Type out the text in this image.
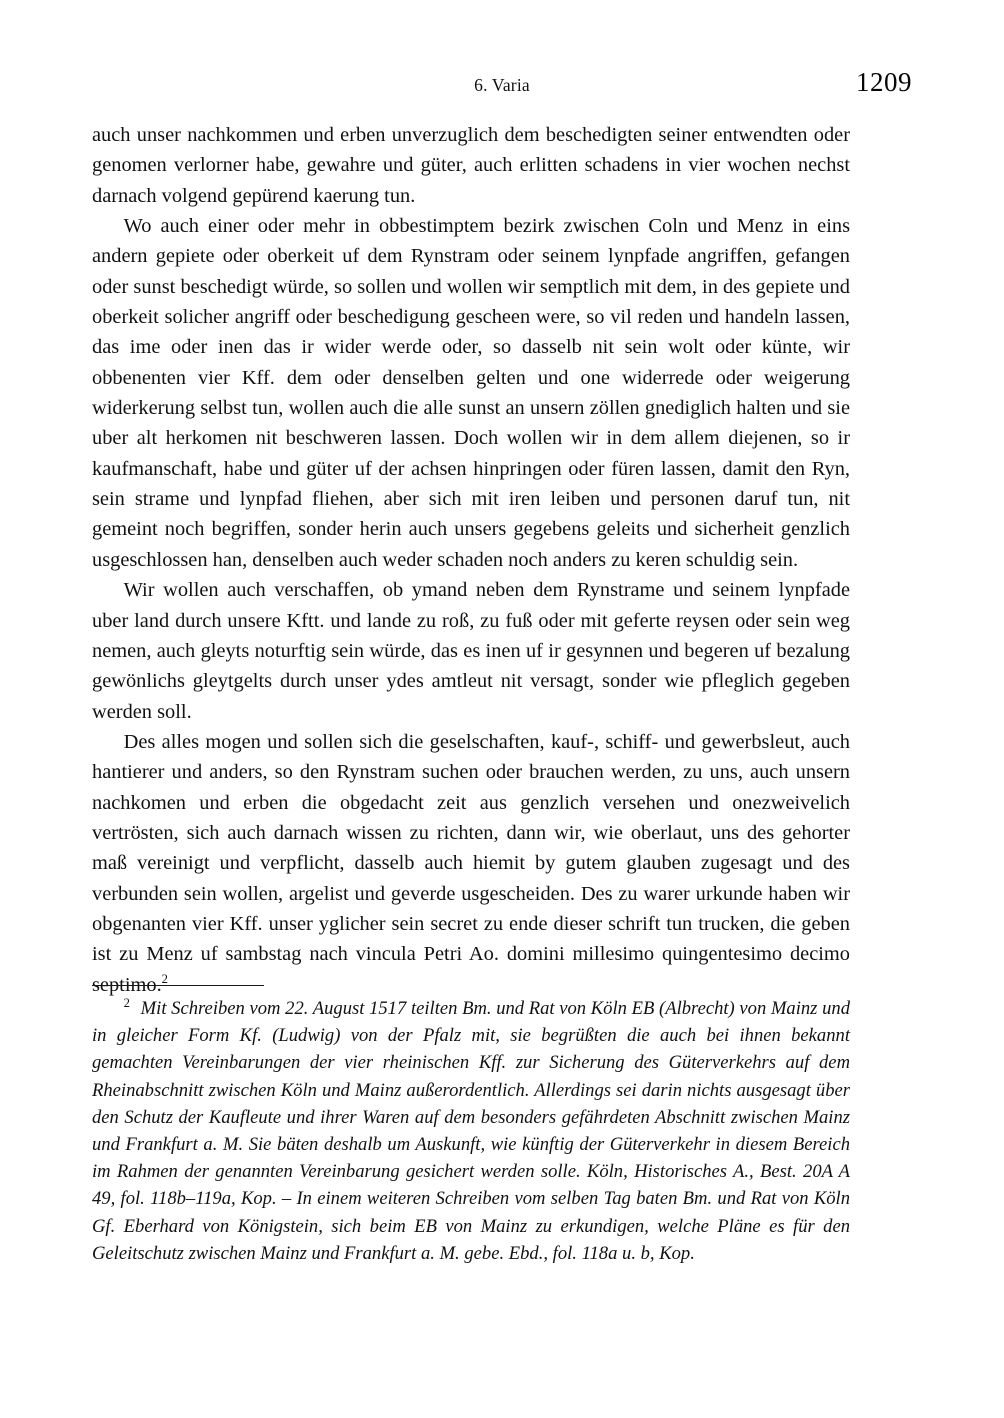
6. Varia	1209

auch unser nachkommen und erben unverzuglich dem beschedigten seiner entwendten oder genomen verlorner habe, gewahre und güter, auch erlitten schadens in vier wochen nechst darnach volgend gepürend kaerung tun.

Wo auch einer oder mehr in obbestimptem bezirk zwischen Coln und Menz in eins andern gepiete oder oberkeit uf dem Rynstram oder seinem lynpfade angriffen, gefangen oder sunst beschedigt würde, so sollen und wollen wir semptlich mit dem, in des gepiete und oberkeit solicher angriff oder beschedigung gescheen were, so vil reden und handeln lassen, das ime oder inen das ir wider werde oder, so dasselb nit sein wolt oder künte, wir obbenenten vier Kff. dem oder denselben gelten und one widerrede oder weigerung widerkerung selbst tun, wollen auch die alle sunst an unsern zöllen gnediglich halten und sie uber alt herkomen nit beschweren lassen. Doch wollen wir in dem allem diejenen, so ir kaufmanschaft, habe und güter uf der achsen hinpringen oder füren lassen, damit den Ryn, sein strame und lynpfad fliehen, aber sich mit iren leiben und personen daruf tun, nit gemeint noch begriffen, sonder herin auch unsers gegebens geleits und sicherheit genzlich usgeschlossen han, denselben auch weder schaden noch anders zu keren schuldig sein.

Wir wollen auch verschaffen, ob ymand neben dem Rynstrame und seinem lynpfade uber land durch unsere Kftt. und lande zu roß, zu fuß oder mit geferte reysen oder sein weg nemen, auch gleyts noturftig sein würde, das es inen uf ir gesynnen und begeren uf bezalung gewönlichs gleytgelts durch unser ydes amtleut nit versagt, sonder wie pfleglich gegeben werden soll.

Des alles mogen und sollen sich die geselschaften, kauf-, schiff- und gewerbsleut, auch hantierer und anders, so den Rynstram suchen oder brauchen werden, zu uns, auch unsern nachkomen und erben die obgedacht zeit aus genzlich versehen und onezweivelich vertrösten, sich auch darnach wissen zu richten, dann wir, wie oberlaut, uns des gehorter maß vereinigt und verpflicht, dasselb auch hiemit by gutem glauben zugesagt und des verbunden sein wollen, argelist und geverde usgescheiden. Des zu warer urkunde haben wir obgenanten vier Kff. unser yglicher sein secret zu ende dieser schrift tun trucken, die geben ist zu Menz uf sambstag nach vincula Petri Ao. domini millesimo quingentesimo decimo septimo.$^2$

$^2$ Mit Schreiben vom 22. August 1517 teilten Bm. und Rat von Köln EB (Albrecht) von Mainz und in gleicher Form Kf. (Ludwig) von der Pfalz mit, sie begrüßten die auch bei ihnen bekannt gemachten Vereinbarungen der vier rheinischen Kff. zur Sicherung des Güterverkehrs auf dem Rheinabschnitt zwischen Köln und Mainz außerordentlich. Allerdings sei darin nichts ausgesagt über den Schutz der Kaufleute und ihrer Waren auf dem besonders gefährdeten Abschnitt zwischen Mainz und Frankfurt a. M. Sie bäten deshalb um Auskunft, wie künftig der Güterverkehr in diesem Bereich im Rahmen der genannten Vereinbarung gesichert werden solle. Köln, Historisches A., Best. 20A A 49, fol. 118b–119a, Kop. – In einem weiteren Schreiben vom selben Tag baten Bm. und Rat von Köln Gf. Eberhard von Königstein, sich beim EB von Mainz zu erkundigen, welche Pläne es für den Geleitschutz zwischen Mainz und Frankfurt a. M. gebe. Ebd., fol. 118a u. b, Kop.
